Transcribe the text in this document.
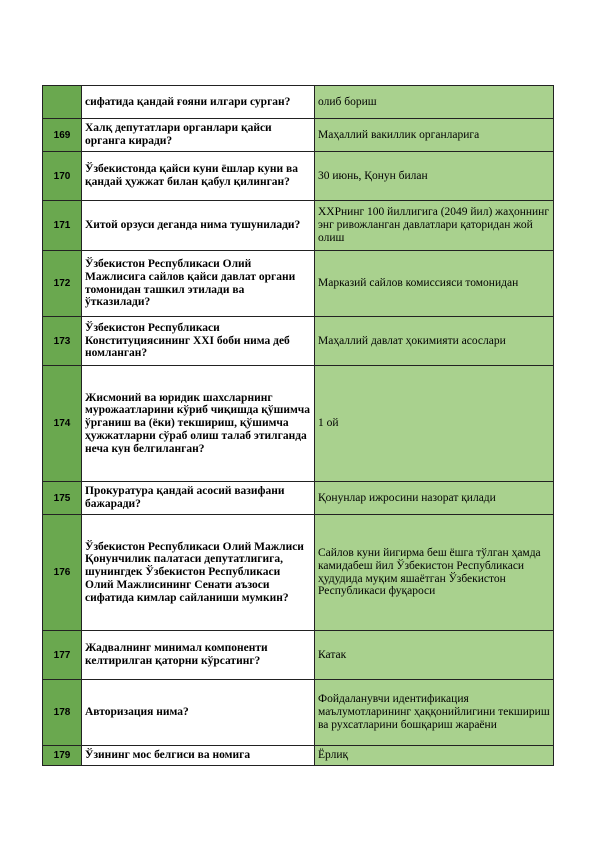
	сифатида қандай ғояни илгари сурган?	олиб бориш
169	Халқ депутатлари органлари қайси органга киради?	Маҳаллий вакиллик органларига
170	Ўзбекистонда қайси куни ёшлар куни ва қандай ҳужжат билан қабул қилинган?	30 июнь, Қонун билан
171	Хитой орзуси деганда нима тушунилади?	ХХРнинг 100 йиллигига (2049 йил) жаҳоннинг энг ривожланган давлатлари қаторидан жой олиш
172	Ўзбекистон Республикаси Олий Мажлисига сайлов қайси давлат органи томонидан ташкил этилади ва ўтказилади?	Марказий сайлов комиссияси томонидан
173	Ўзбекистон Республикаси Конституциясининг XXI боби нима деб номланган?	Маҳаллий давлат ҳокимияти асослари
174	Жисмоний ва юридик шахсларнинг мурожаатларини кўриб чиқишда қўшимча ўрганиш ва (ёки) текшириш, қўшимча ҳужжатларни сўраб олиш талаб этилганда неча кун белгиланган?	1 ой
175	Прокуратура қандай асосий вазифани бажаради?	Қонунлар ижросини назорат қилади
176	Ўзбекистон Республикаси Олий Мажлиси Қонунчилик палатаси депутатлигига, шунингдек Ўзбекистон Республикаси Олий Мажлисининг Сенати аъзоси сифатида кимлар сайланиши мумкин?	Сайлов куни йигирма беш ёшга тўлган ҳамда камидабеш йил Ўзбекистон Республикаси ҳудудида муқим яшаётган Ўзбекистон Республикаси фуқароси
177	Жадвалнинг минимал компоненти келтирилган қаторни кўрсатинг?	Катак
178	Авторизация нима?	Фойдаланувчи идентификация маълумотларининг ҳаққонийлигини текшириш ва рухсатларини бошқариш жараёни
179	Ўзининг мос белгиси ва номига	Ёрлиқ
